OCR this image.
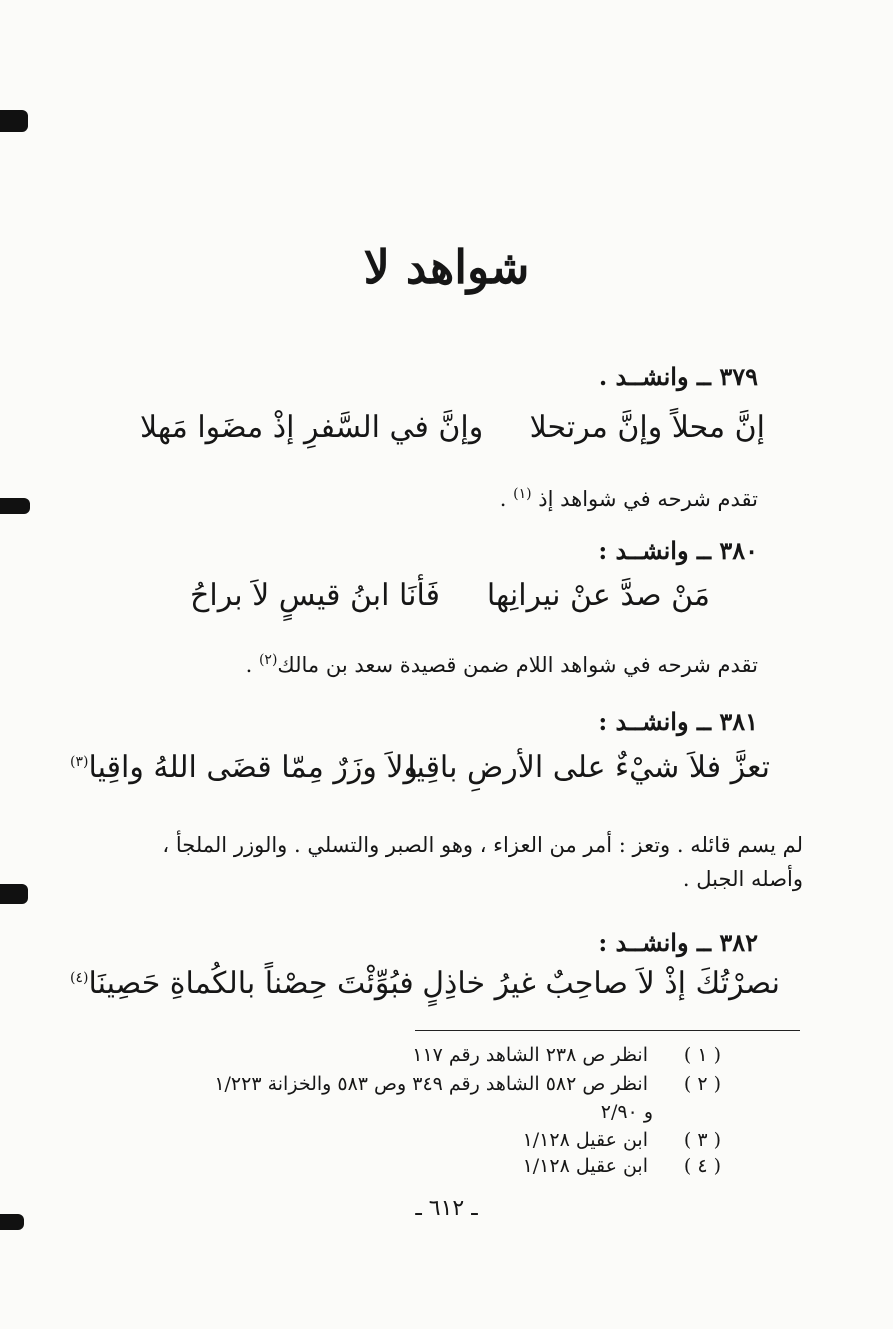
شواهد لا
٣٧٩ ــ وانشــد .
إنَّ محلاً وإنَّ مرتحلا
وإنَّ في السَّفرِ إذْ مضَوا مَهلا
تقدم شرحه في شواهد إذ $^{(١)}$ .
٣٨٠ ــ وانشــد :
مَنْ صدَّ عنْ نيرانِها
فَأنَا ابنُ قيسٍ لاَ براحُ
تقدم شرحه في شواهد اللام ضمن قصيدة سعد بن مالك$^{(٢)}$ .
٣٨١ ــ وانشــد :
تعزَّ فلاَ شيْءٌ على الأرضِ باقِيا
ولاَ وزَرٌ مِمّا قضَى اللهُ واقِيا$^{(٣)}$
لم يسم قائله . وتعز : أمر من العزاء ، وهو الصبر والتسلي . والوزر الملجأ ،
وأصله الجبل .
٣٨٢ ــ وانشــد :
نصرْتُكَ إذْ لاَ صاحِبٌ غيرُ خاذِلٍ
فبُوِّئْتَ حِصْناً بالكُماةِ حَصِينَا$^{(٤)}$
انظر ص ٢٣٨ الشاهد رقم ١١٧ ( ١ )
انظر ص ٥٨٢ الشاهد رقم ٣٤٩ وص ٥٨٣ والخزانة ١/٢٢٣ ( ٢ )
و ٢/٩٠
ابن عقيل ١/١٢٨ ( ٣ )
ابن عقيل ١/١٢٨ ( ٤ )
ـ ٦١٢ ـ
